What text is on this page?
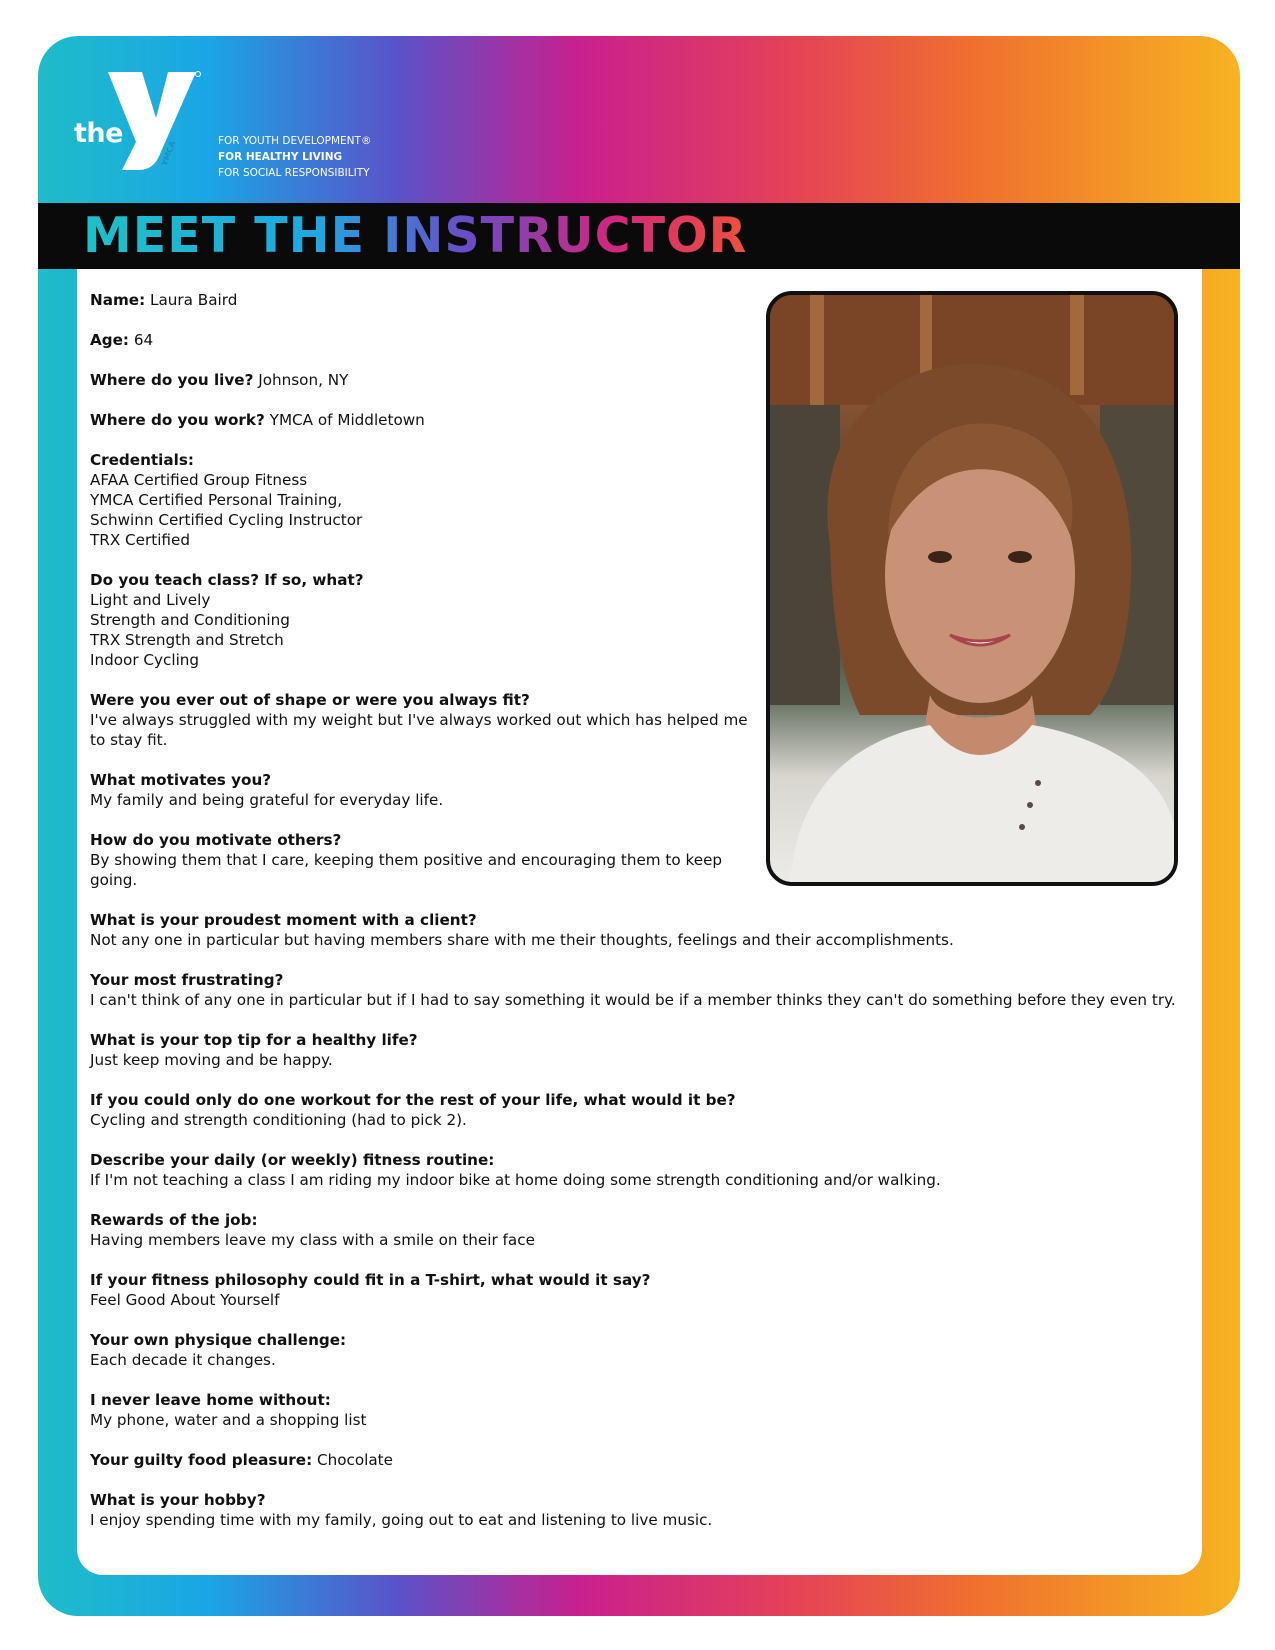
the
YMCA	FOR YOUTH DEVELOPMENT®
FOR HEALTHY LIVING
FOR SOCIAL RESPONSIBILITY
MEET THE INSTRUCTOR
Name: Laura Baird
Age: 64
Where do you live? Johnson, NY
Where do you work? YMCA of Middletown
Credentials:
AFAA Certified Group Fitness
YMCA Certified Personal Training,
Schwinn Certified Cycling Instructor
TRX Certified
Do you teach class? If so, what?
Light and Lively
Strength and Conditioning
TRX Strength and Stretch
Indoor Cycling
Were you ever out of shape or were you always fit?
I've always struggled with my weight but I've always worked out which has helped me to stay fit.
What motivates you?
My family and being grateful for everyday life.
How do you motivate others?
By showing them that I care, keeping them positive and encouraging them to keep going.
What is your proudest moment with a client?
Not any one in particular but having members share with me their thoughts, feelings and their accomplishments.
Your most frustrating?
I can't think of any one in particular but if I had to say something it would be if a member thinks they can't do something before they even try.
What is your top tip for a healthy life?
Just keep moving and be happy.
If you could only do one workout for the rest of your life, what would it be?
Cycling and strength conditioning (had to pick 2).
Describe your daily (or weekly) fitness routine:
If I'm not teaching a class I am riding my indoor bike at home doing some strength conditioning and/or walking.
Rewards of the job:
Having members leave my class with a smile on their face
If your fitness philosophy could fit in a T-shirt, what would it say?
Feel Good About Yourself
Your own physique challenge:
Each decade it changes.
I never leave home without:
My phone, water and a shopping list
Your guilty food pleasure: Chocolate
What is your hobby?
I enjoy spending time with my family, going out to eat and listening to live music.
